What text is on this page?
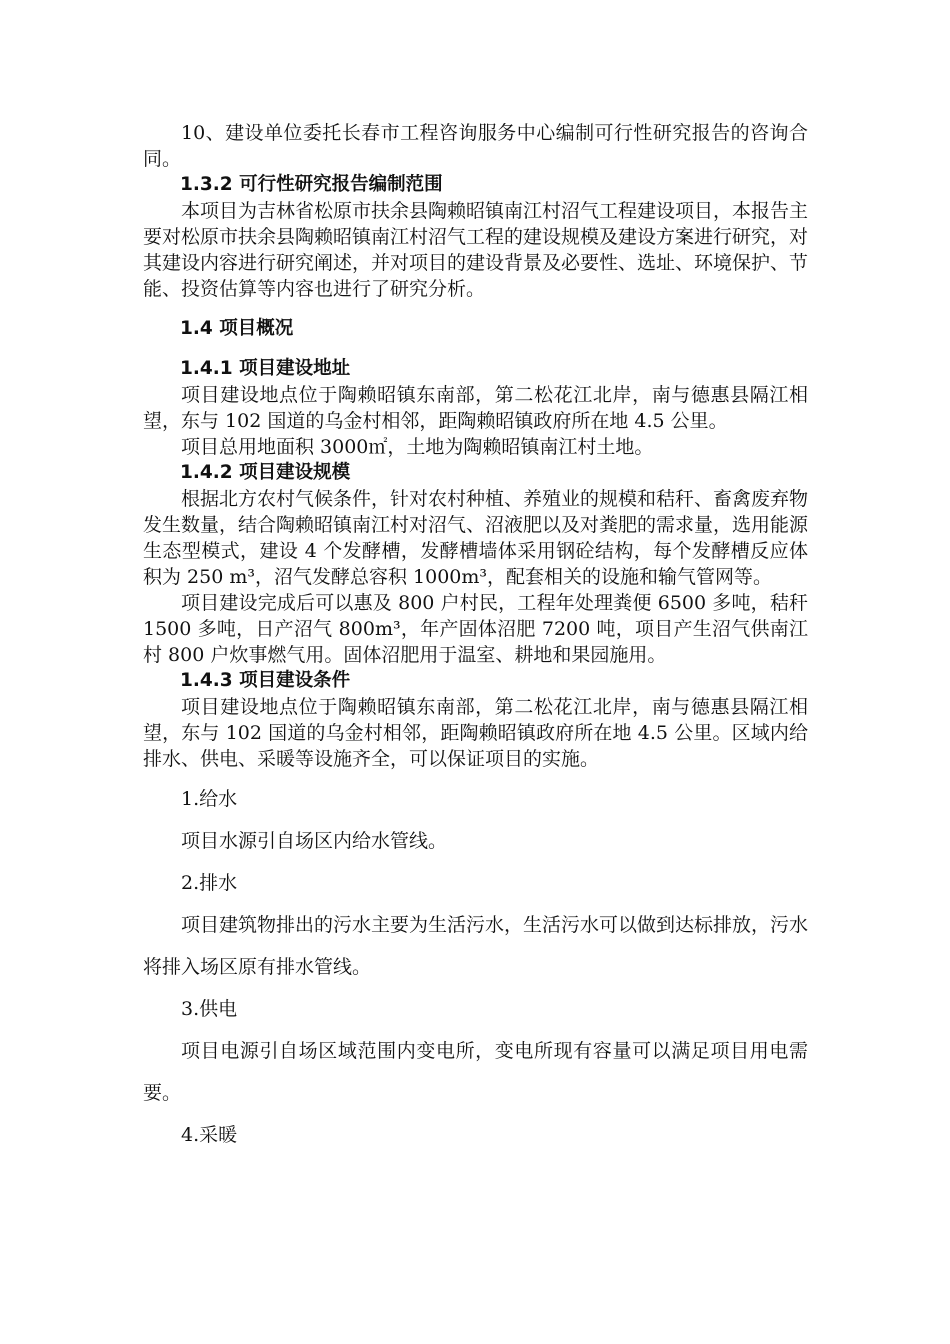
10、建设单位委托长春市工程咨询服务中心编制可行性研究报告的咨询合同。

1.3.2 可行性研究报告编制范围

本项目为吉林省松原市扶余县陶赖昭镇南江村沼气工程建设项目，本报告主要对松原市扶余县陶赖昭镇南江村沼气工程的建设规模及建设方案进行研究，对其建设内容进行研究阐述，并对项目的建设背景及必要性、选址、环境保护、节能、投资估算等内容也进行了研究分析。

1.4 项目概况

1.4.1 项目建设地址

项目建设地点位于陶赖昭镇东南部，第二松花江北岸，南与德惠县隔江相望，东与 102 国道的乌金村相邻，距陶赖昭镇政府所在地 4.5 公里。

项目总用地面积 3000㎡，土地为陶赖昭镇南江村土地。

1.4.2 项目建设规模

根据北方农村气候条件，针对农村种植、养殖业的规模和秸秆、畜禽废弃物发生数量，结合陶赖昭镇南江村对沼气、沼液肥以及对粪肥的需求量，选用能源生态型模式，建设 4 个发酵槽，发酵槽墙体采用钢砼结构，每个发酵槽反应体积为 250 m³，沼气发酵总容积 1000m³，配套相关的设施和输气管网等。

项目建设完成后可以惠及 800 户村民，工程年处理粪便 6500 多吨，秸秆 1500 多吨，日产沼气 800m³，年产固体沼肥 7200 吨，项目产生沼气供南江村 800 户炊事燃气用。固体沼肥用于温室、耕地和果园施用。

1.4.3 项目建设条件

项目建设地点位于陶赖昭镇东南部，第二松花江北岸，南与德惠县隔江相望，东与 102 国道的乌金村相邻，距陶赖昭镇政府所在地 4.5 公里。区域内给排水、供电、采暖等设施齐全，可以保证项目的实施。

1.给水

项目水源引自场区内给水管线。

2.排水

项目建筑物排出的污水主要为生活污水，生活污水可以做到达标排放，污水将排入场区原有排水管线。

3.供电

项目电源引自场区域范围内变电所，变电所现有容量可以满足项目用电需要。

4.采暖
